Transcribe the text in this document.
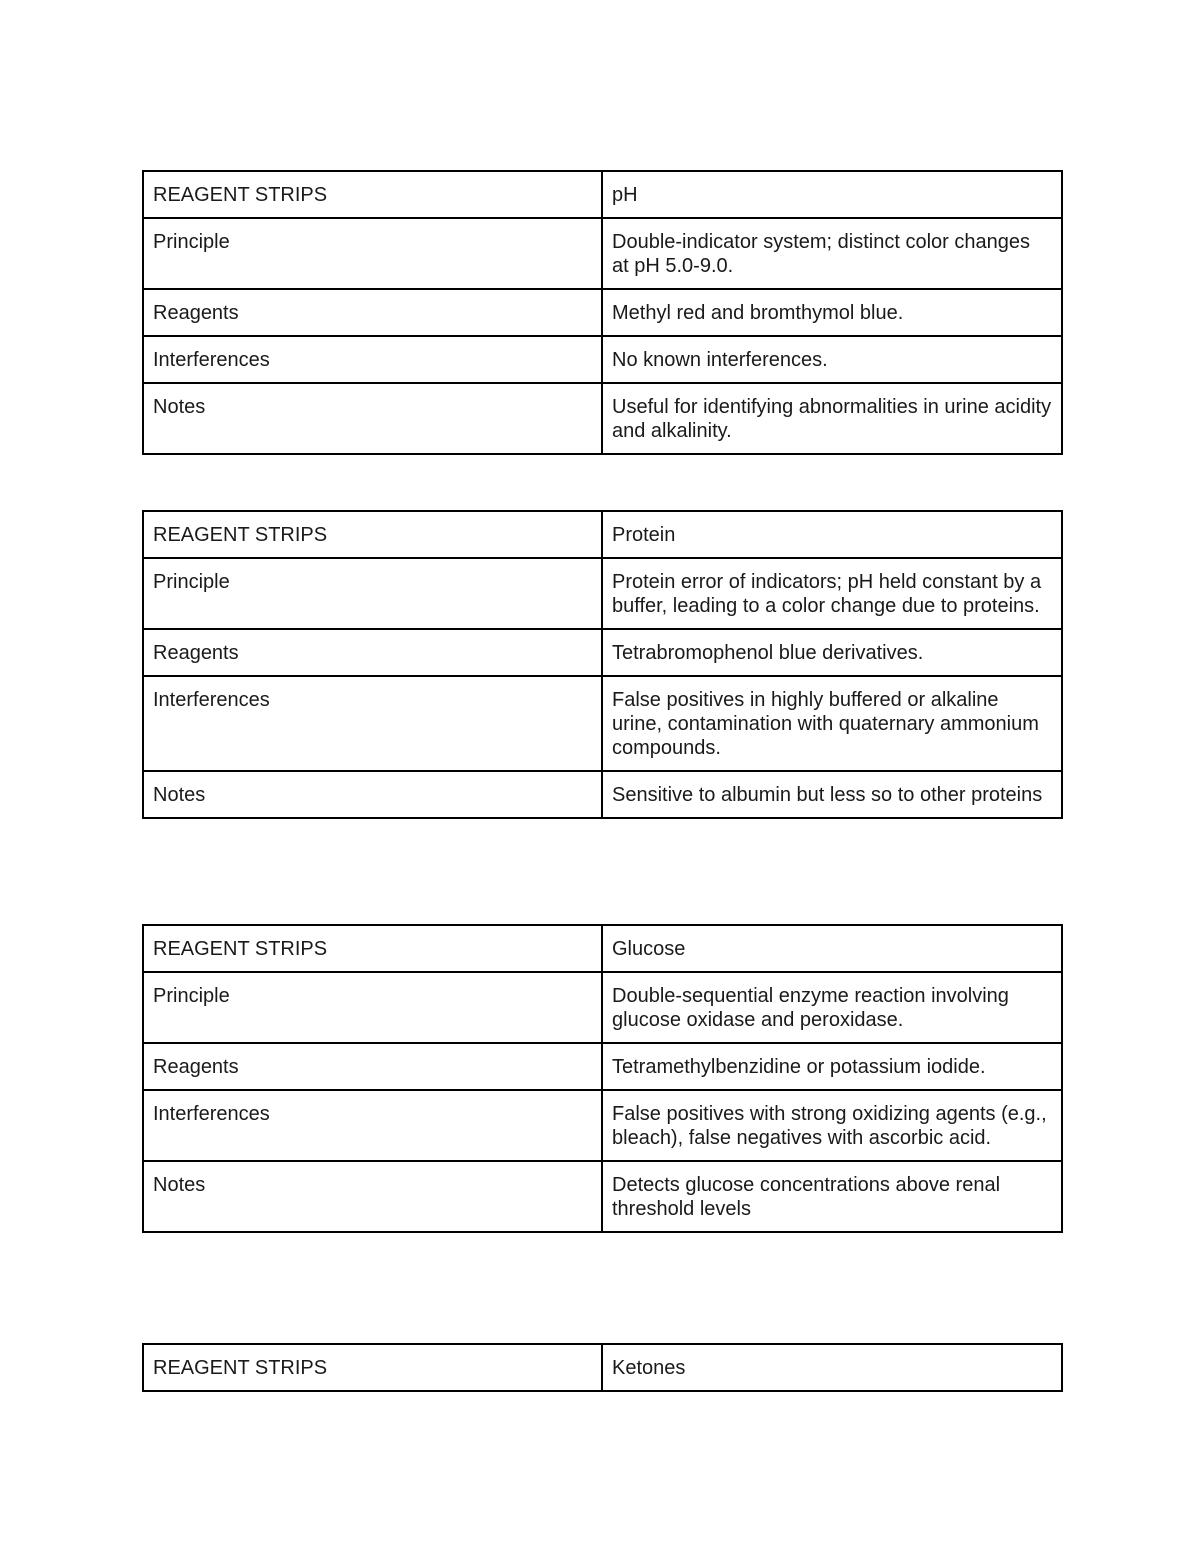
REAGENT STRIPS	pH
Principle	Double-indicator system; distinct color changes at pH 5.0-9.0.
Reagents	Methyl red and bromthymol blue.
Interferences	No known interferences.
Notes	Useful for identifying abnormalities in urine acidity and alkalinity.
REAGENT STRIPS	Protein
Principle	Protein error of indicators; pH held constant by a buffer, leading to a color change due to proteins.
Reagents	Tetrabromophenol blue derivatives.
Interferences	False positives in highly buffered or alkaline urine, contamination with quaternary ammonium compounds.
Notes	Sensitive to albumin but less so to other proteins
REAGENT STRIPS	Glucose
Principle	Double-sequential enzyme reaction involving glucose oxidase and peroxidase.
Reagents	Tetramethylbenzidine or potassium iodide.
Interferences	False positives with strong oxidizing agents (e.g., bleach), false negatives with ascorbic acid.
Notes	Detects glucose concentrations above renal threshold levels
REAGENT STRIPS	Ketones
